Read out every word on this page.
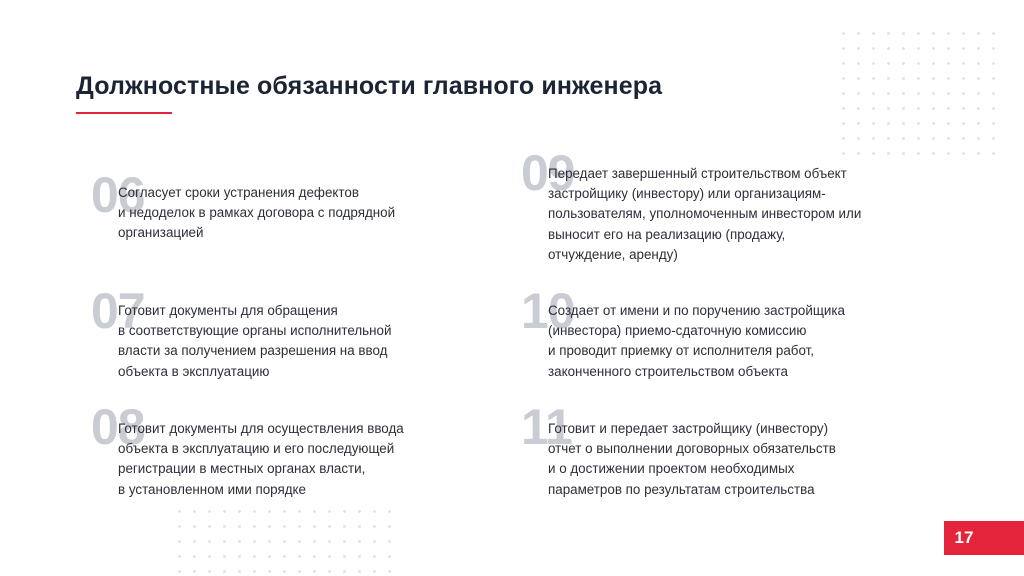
Должностные обязанности главного инженера
06

Согласует сроки устранения дефектов
и недоделок в рамках договора с подрядной
организацией

07

Готовит документы для обращения
в соответствующие органы исполнительной
власти за получением разрешения на ввод
объекта в эксплуатацию

08

Готовит документы для осуществления ввода
объекта в эксплуатацию и его последующей
регистрации в местных органах власти,
в установленном ими порядке

09

Передает завершенный строительством объект
застройщику (инвестору) или организациям-
пользователям, уполномоченным инвестором или
выносит его на реализацию (продажу,
отчуждение, аренду)

10

Создает от имени и по поручению застройщика
(инвестора) приемо-сдаточную комиссию
и проводит приемку от исполнителя работ,
законченного строительством объекта

11

Готовит и передает застройщику (инвестору)
отчет о выполнении договорных обязательств
и о достижении проектом необходимых
параметров по результатам строительства

17
